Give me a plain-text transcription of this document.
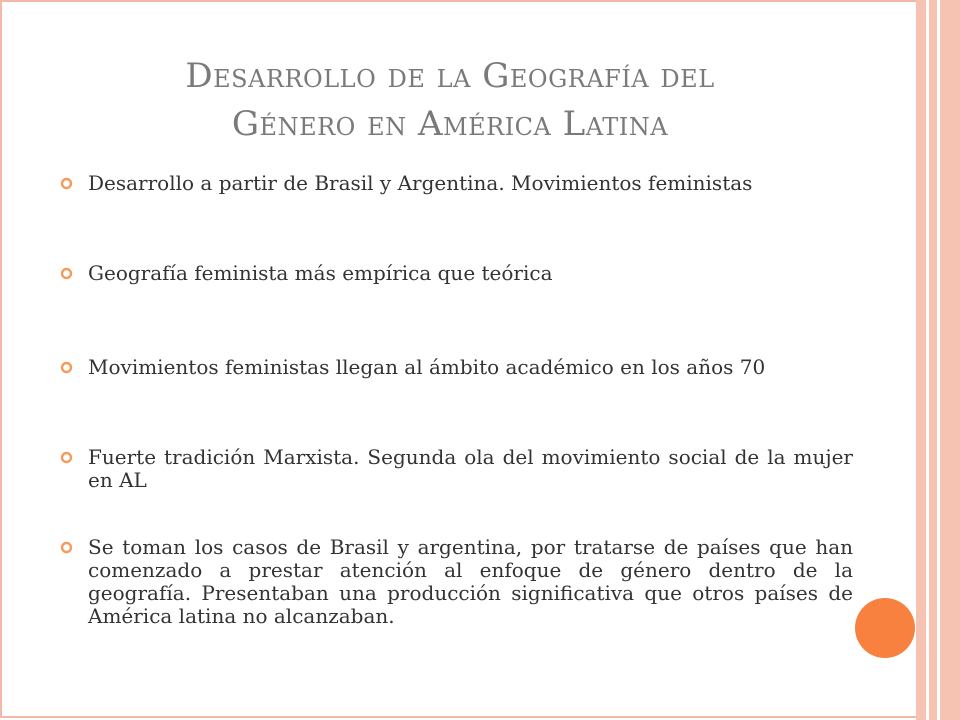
Desarrollo de la Geografía del
Género en América Latina
Desarrollo a partir de Brasil y Argentina. Movimientos feministas
Geografía feminista más empírica que teórica
Movimientos feministas llegan al ámbito académico en los años 70
Fuerte tradición Marxista. Segunda ola del movimiento social de la mujer en AL
Se toman los casos de Brasil y argentina, por tratarse de países que han comenzado a prestar atención al enfoque de género dentro de la geografía. Presentaban una producción significativa que otros países de América latina no alcanzaban.
